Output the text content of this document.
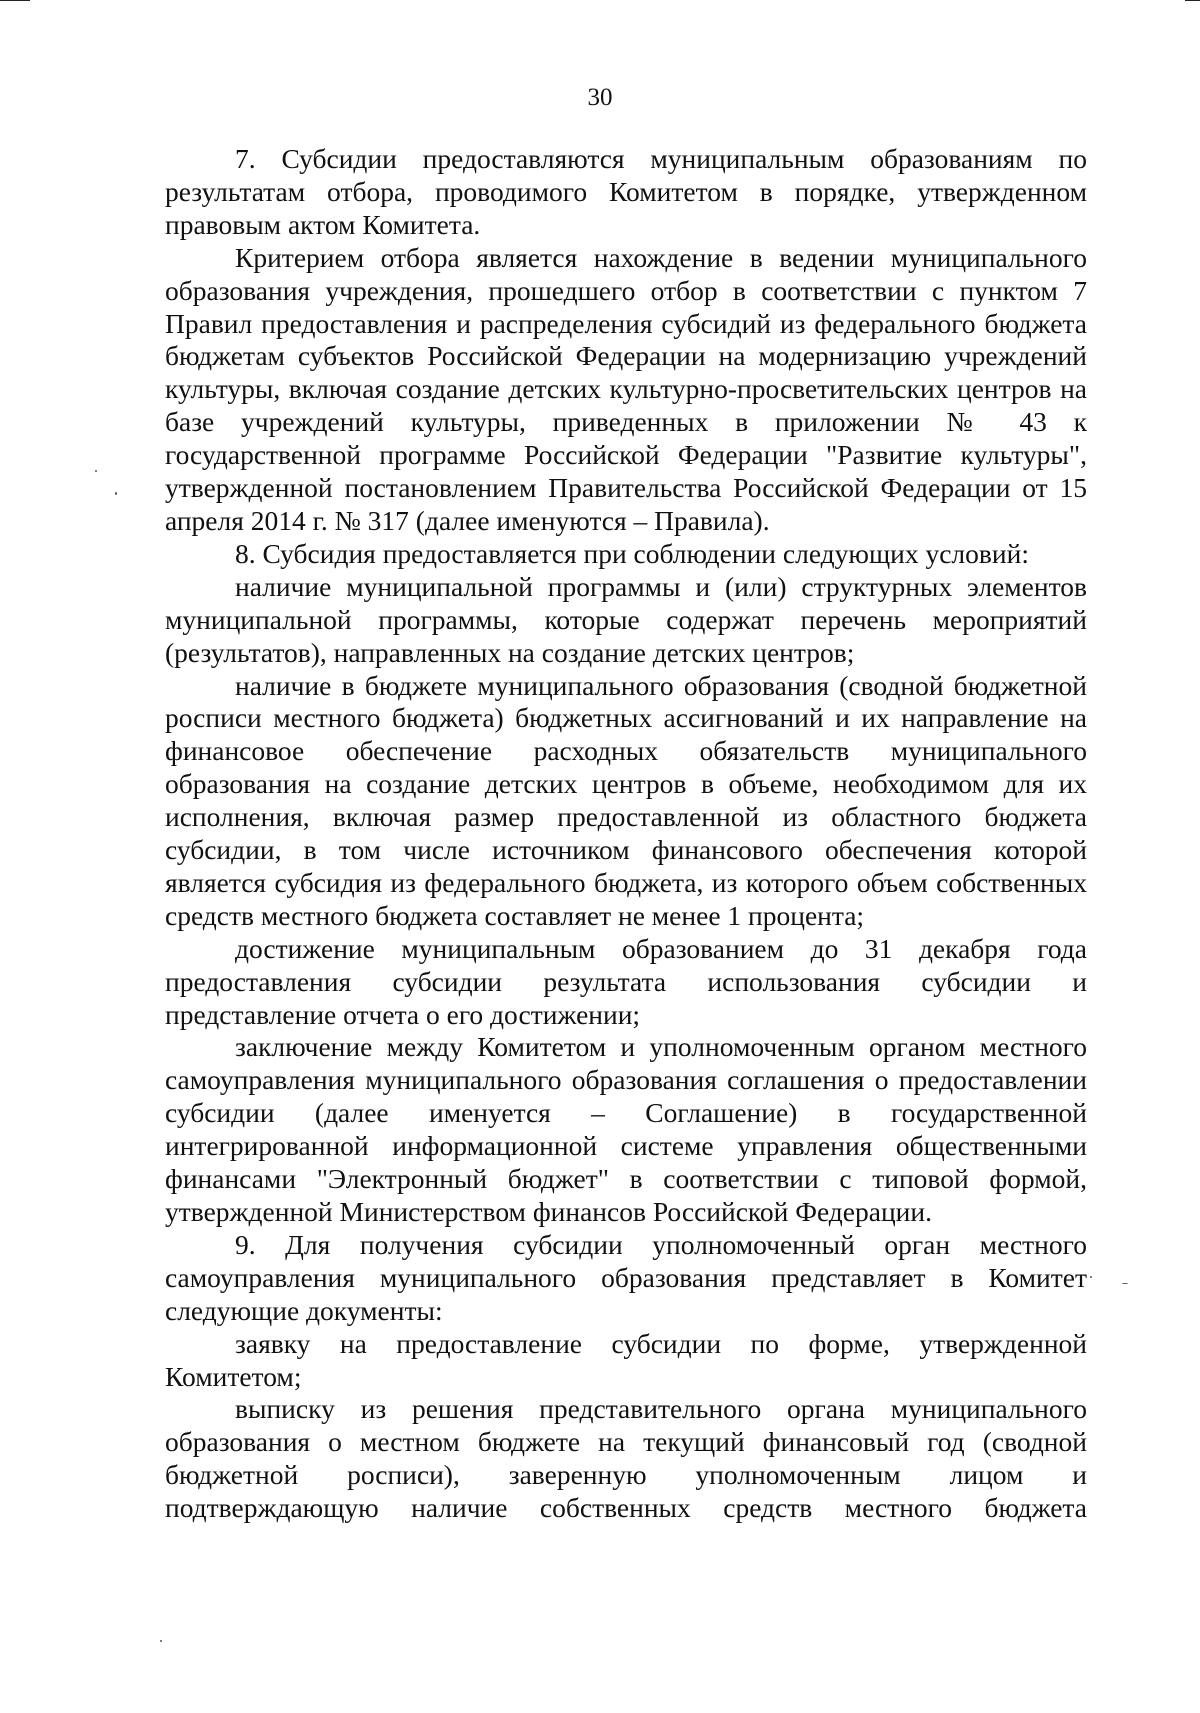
30

7. Субсидии предоставляются муниципальным образованиям по результатам отбора, проводимого Комитетом в порядке, утвержденном правовым актом Комитета.

Критерием отбора является нахождение в ведении муниципального образования учреждения, прошедшего отбор в соответствии с пунктом 7 Правил предоставления и распределения субсидий из федерального бюджета бюджетам субъектов Российской Федерации на модернизацию учреждений культуры, включая создание детских культурно-просветительских центров на базе учреждений культуры, приведенных в приложении № 43 к государственной программе Российской Федерации "Развитие культуры", утвержденной постановлением Правительства Российской Федерации от 15 апреля 2014 г. № 317 (далее именуются – Правила).

8. Субсидия предоставляется при соблюдении следующих условий:

наличие муниципальной программы и (или) структурных элементов муниципальной программы, которые содержат перечень мероприятий (результатов), направленных на создание детских центров;

наличие в бюджете муниципального образования (сводной бюджетной росписи местного бюджета) бюджетных ассигнований и их направление на финансовое обеспечение расходных обязательств муниципального образования на создание детских центров в объеме, необходимом для их исполнения, включая размер предоставленной из областного бюджета субсидии, в том числе источником финансового обеспечения которой является субсидия из федерального бюджета, из которого объем собственных средств местного бюджета составляет не менее 1 процента;

достижение муниципальным образованием до 31 декабря года предоставления субсидии результата использования субсидии и представление отчета о его достижении;

заключение между Комитетом и уполномоченным органом местного самоуправления муниципального образования соглашения о предоставлении субсидии (далее именуется – Соглашение) в государственной интегрированной информационной системе управления общественными финансами "Электронный бюджет" в соответствии с типовой формой, утвержденной Министерством финансов Российской Федерации.

9. Для получения субсидии уполномоченный орган местного самоуправления муниципального образования представляет в Комитет следующие документы:

заявку на предоставление субсидии по форме, утвержденной Комитетом;

выписку из решения представительного органа муниципального образования о местном бюджете на текущий финансовый год (сводной бюджетной росписи), заверенную уполномоченным лицом и подтверждающую наличие собственных средств местного бюджета
